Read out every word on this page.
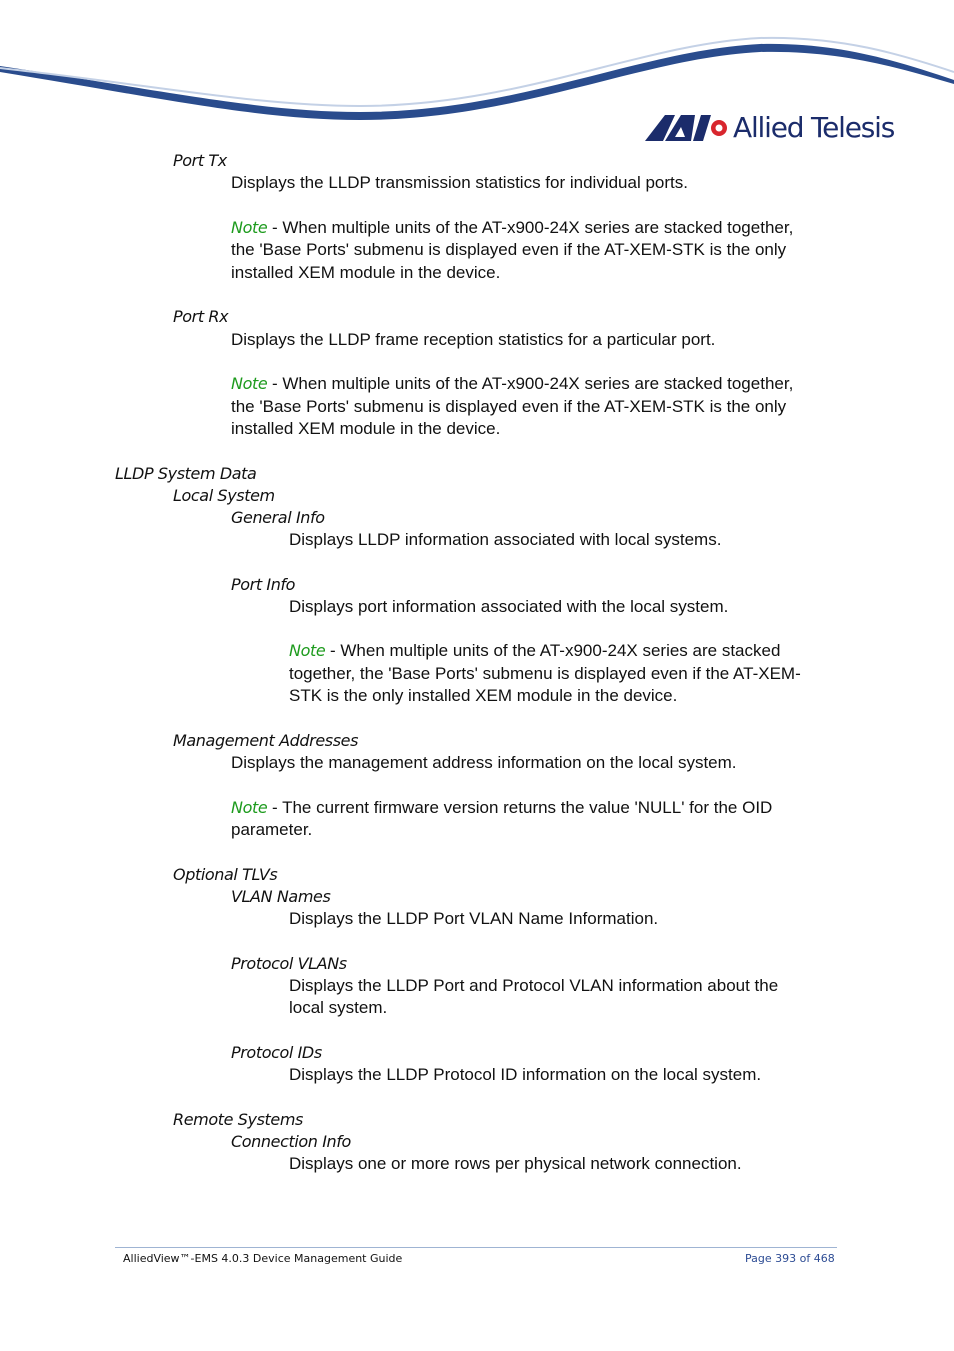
Allied Telesis

Port Tx

Displays the LLDP transmission statistics for individual ports.

Note - When multiple units of the AT-x900-24X series are stacked together,

the 'Base Ports' submenu is displayed even if the AT-XEM-STK is the only

installed XEM module in the device.

Port Rx

Displays the LLDP frame reception statistics for a particular port.

Note - When multiple units of the AT-x900-24X series are stacked together,

the 'Base Ports' submenu is displayed even if the AT-XEM-STK is the only

installed XEM module in the device.

LLDP System Data

Local System

General Info

Displays LLDP information associated with local systems.

Port Info

Displays port information associated with the local system.

Note - When multiple units of the AT-x900-24X series are stacked

together, the 'Base Ports' submenu is displayed even if the AT-XEM-

STK is the only installed XEM module in the device.

Management Addresses

Displays the management address information on the local system.

Note - The current firmware version returns the value 'NULL' for the OID

parameter.

Optional TLVs

VLAN Names

Displays the LLDP Port VLAN Name Information.

Protocol VLANs

Displays the LLDP Port and Protocol VLAN information about the

local system.

Protocol IDs

Displays the LLDP Protocol ID information on the local system.

Remote Systems

Connection Info

Displays one or more rows per physical network connection.

AlliedView™-EMS 4.0.3 Device Management Guide	Page 393 of 468
